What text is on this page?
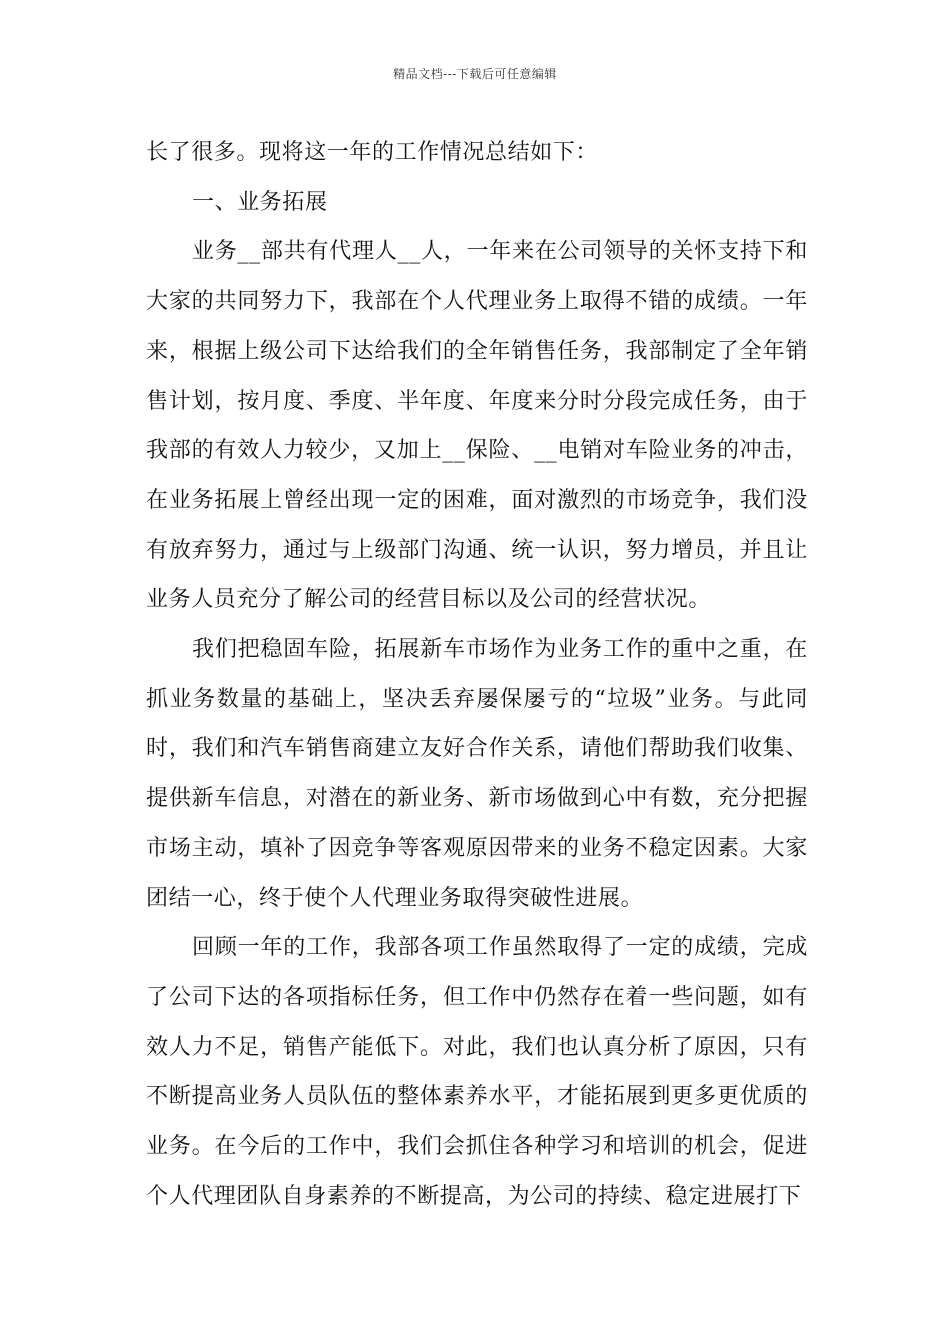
精品文档---下载后可任意编辑

长了很多。现将这一年的工作情况总结如下：

一、业务拓展

业务__部共有代理人__人，一年来在公司领导的关怀支持下和大家的共同努力下，我部在个人代理业务上取得不错的成绩。一年来，根据上级公司下达给我们的全年销售任务，我部制定了全年销售计划，按月度、季度、半年度、年度来分时分段完成任务，由于我部的有效人力较少，又加上__保险、__电销对车险业务的冲击，在业务拓展上曾经出现一定的困难，面对激烈的市场竞争，我们没有放弃努力，通过与上级部门沟通、统一认识，努力增员，并且让业务人员充分了解公司的经营目标以及公司的经营状况。

我们把稳固车险，拓展新车市场作为业务工作的重中之重，在抓业务数量的基础上，坚决丢弃屡保屡亏的“垃圾”业务。与此同时，我们和汽车销售商建立友好合作关系，请他们帮助我们收集、提供新车信息，对潜在的新业务、新市场做到心中有数，充分把握市场主动，填补了因竞争等客观原因带来的业务不稳定因素。大家团结一心，终于使个人代理业务取得突破性进展。

回顾一年的工作，我部各项工作虽然取得了一定的成绩，完成了公司下达的各项指标任务，但工作中仍然存在着一些问题，如有效人力不足，销售产能低下。对此，我们也认真分析了原因，只有不断提高业务人员队伍的整体素养水平，才能拓展到更多更优质的业务。在今后的工作中，我们会抓住各种学习和培训的机会，促进个人代理团队自身素养的不断提高，为公司的持续、稳定进展打下
